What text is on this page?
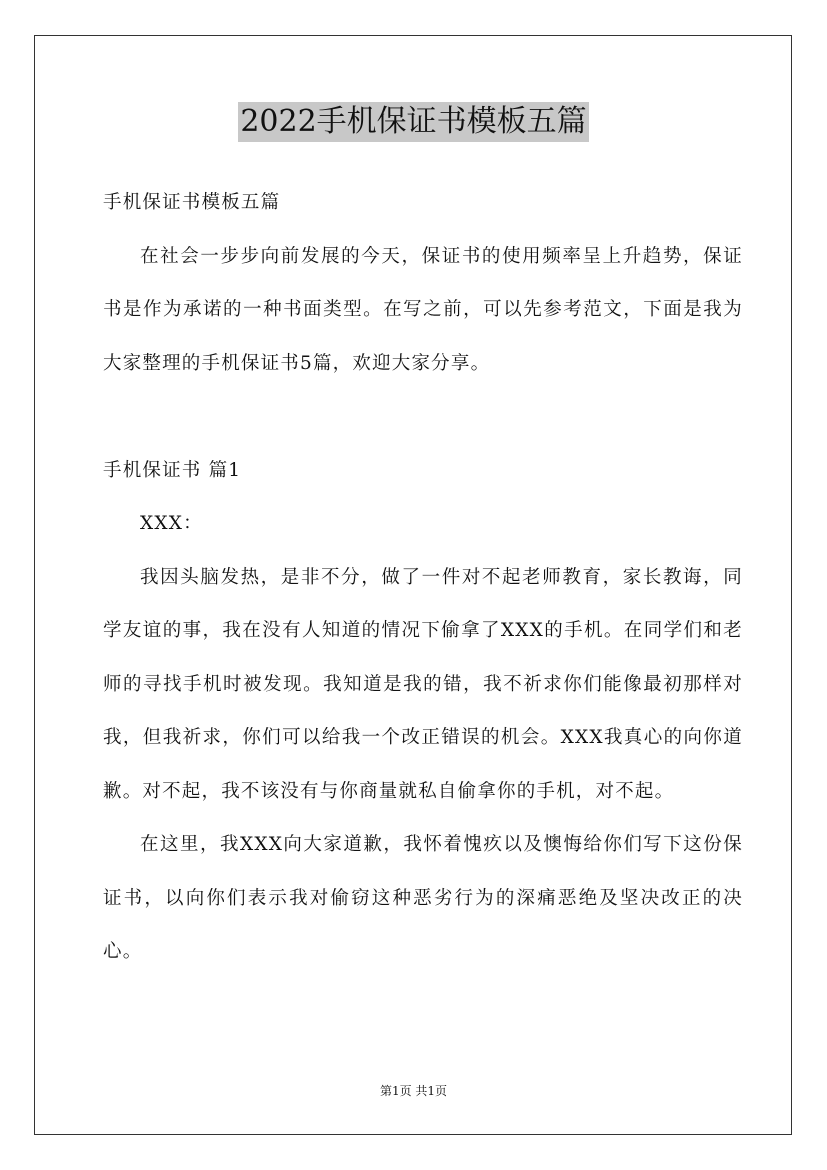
2022手机保证书模板五篇

手机保证书模板五篇

在社会一步步向前发展的今天，保证书的使用频率呈上升趋势，保证书是作为承诺的一种书面类型。在写之前，可以先参考范文，下面是我为大家整理的手机保证书5篇，欢迎大家分享。

手机保证书 篇1

XXX：

我因头脑发热，是非不分，做了一件对不起老师教育，家长教诲，同学友谊的事，我在没有人知道的情况下偷拿了XXX的手机。在同学们和老师的寻找手机时被发现。我知道是我的错，我不祈求你们能像最初那样对我，但我祈求，你们可以给我一个改正错误的机会。XXX我真心的向你道歉。对不起，我不该没有与你商量就私自偷拿你的手机，对不起。

在这里，我XXX向大家道歉，我怀着愧疚以及懊悔给你们写下这份保证书，以向你们表示我对偷窃这种恶劣行为的深痛恶绝及坚决改正的决心。

第1页 共1页
